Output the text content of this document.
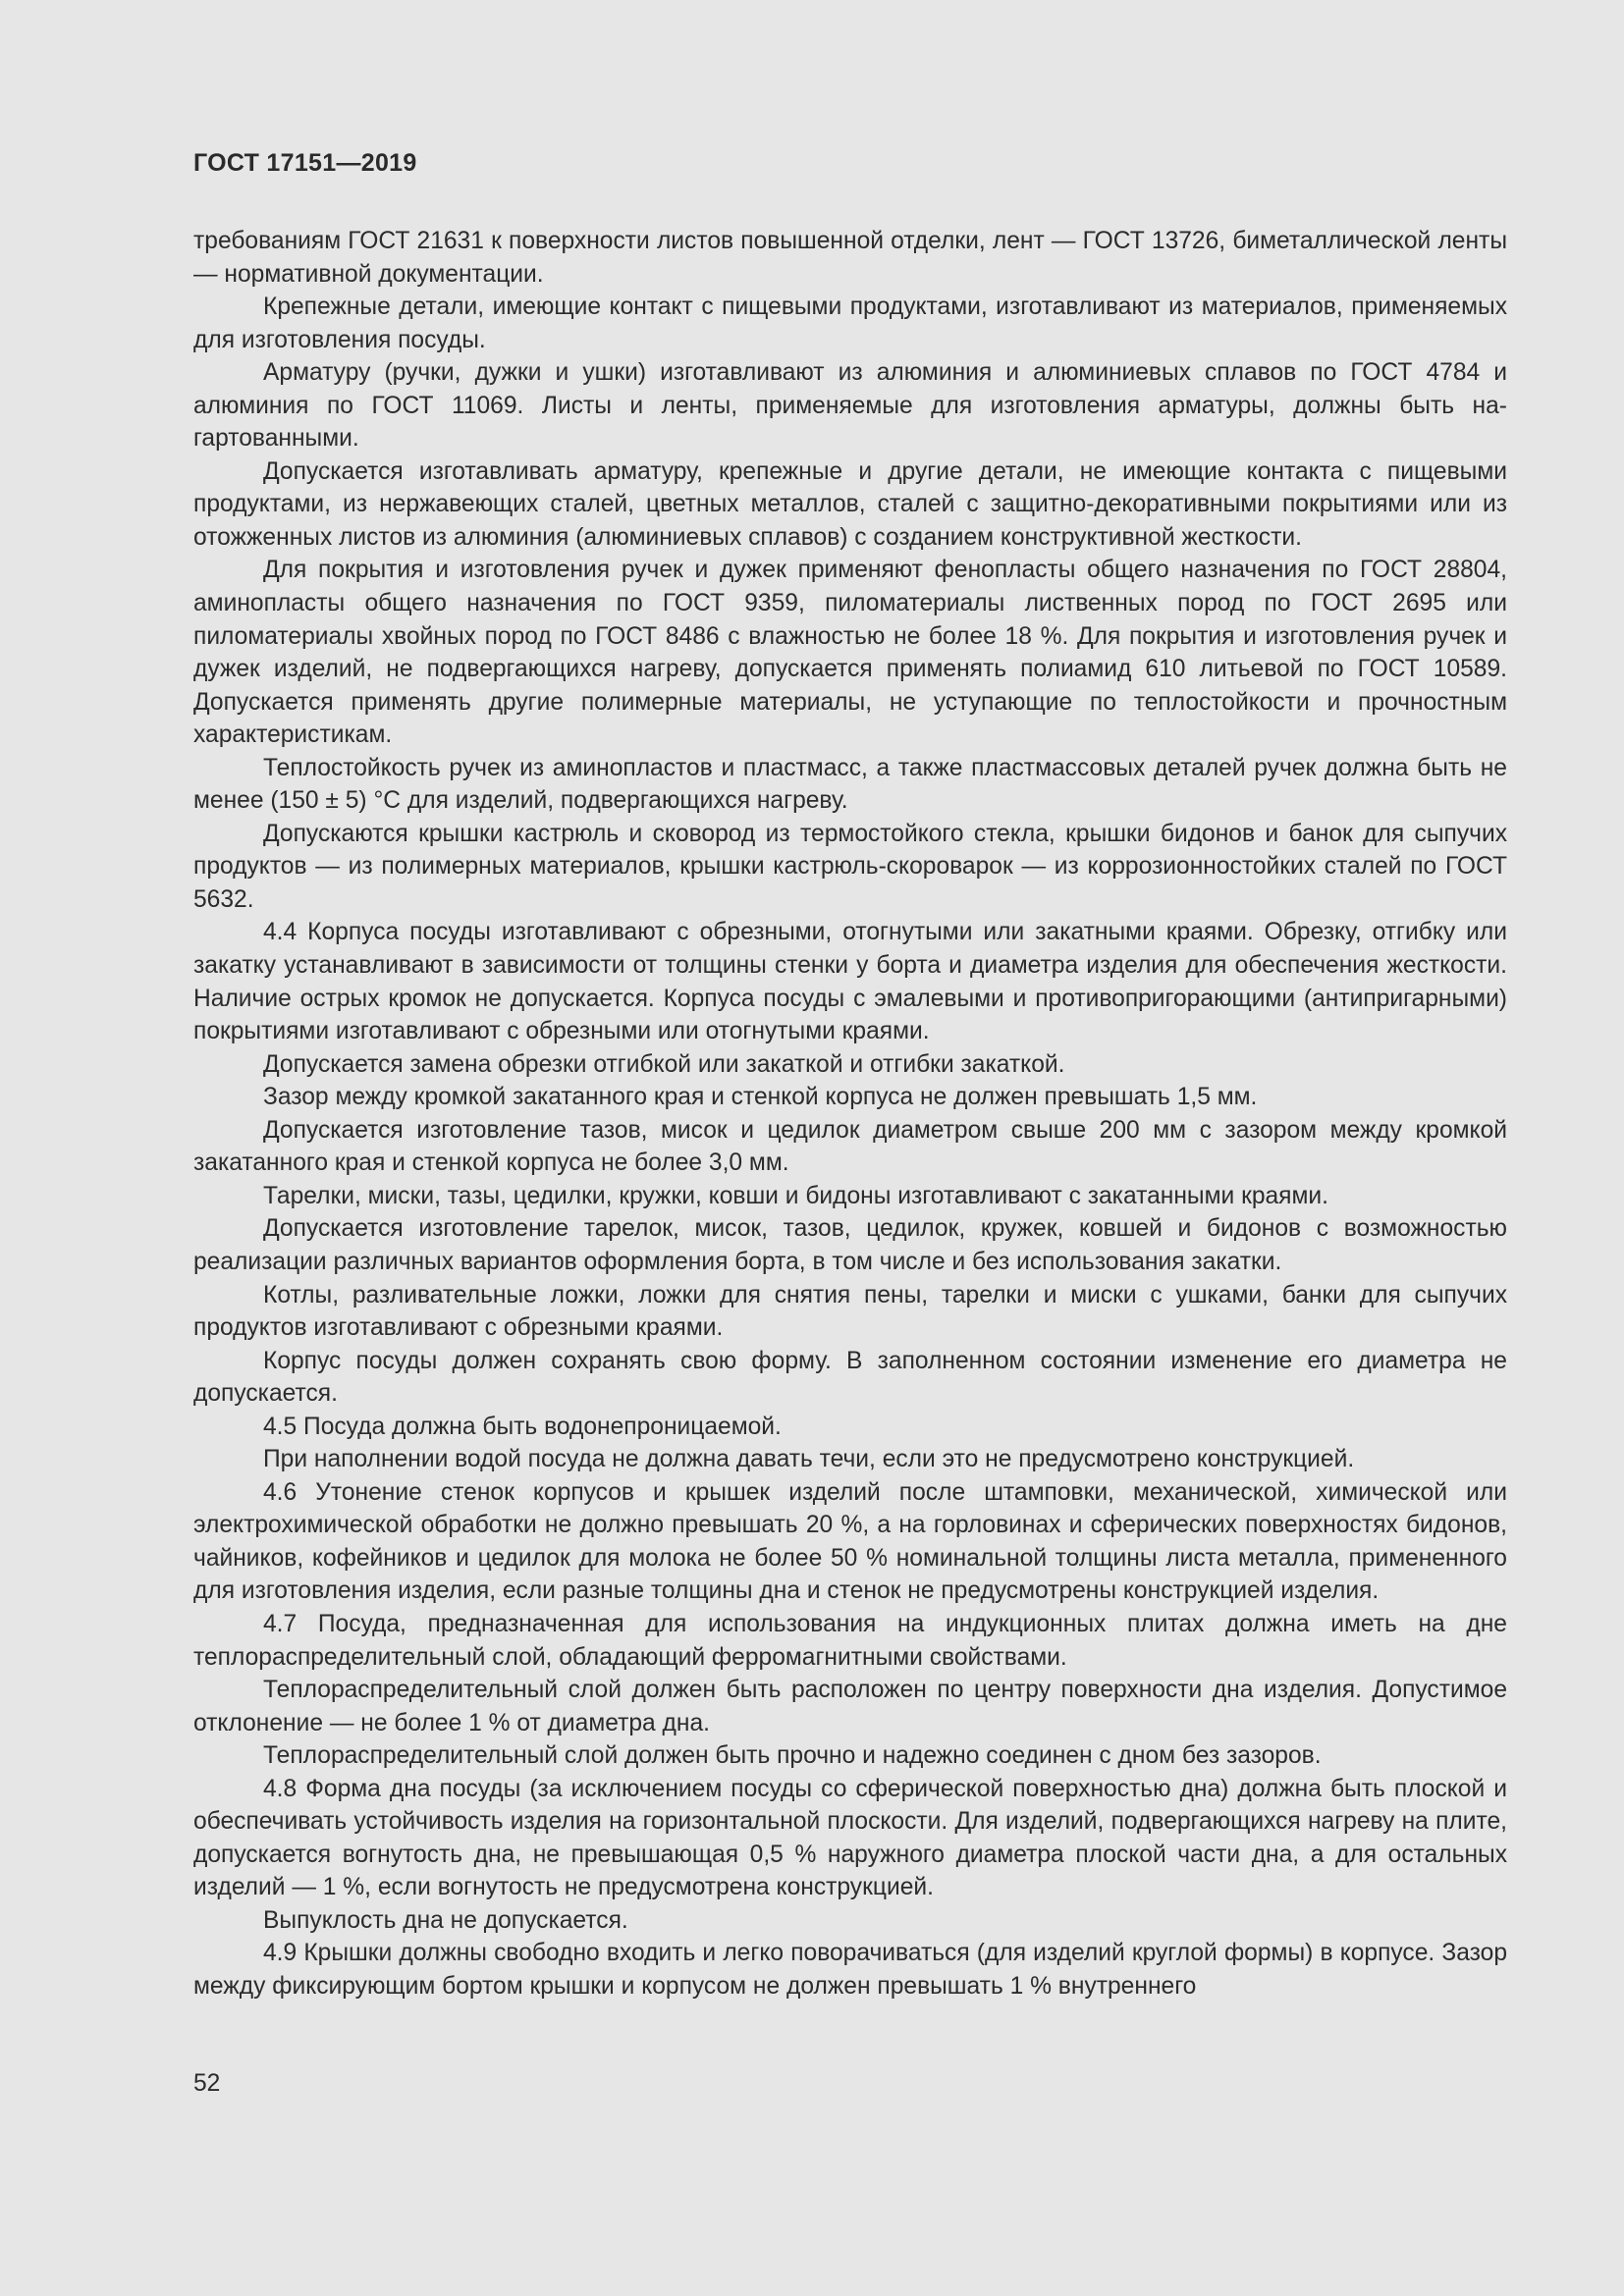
ГОСТ 17151—2019

требованиям ГОСТ 21631 к поверхности листов повышенной отделки, лент — ГОСТ 13726, биметаллической ленты — нормативной документации.

Крепежные детали, имеющие контакт с пищевыми продуктами, изготавливают из материалов, применяемых для изготовления посуды.

Арматуру (ручки, дужки и ушки) изготавливают из алюминия и алюминиевых сплавов по ГОСТ 4784 и алюминия по ГОСТ 11069. Листы и ленты, применяемые для изготовления арматуры, должны быть нагартованными.

Допускается изготавливать арматуру, крепежные и другие детали, не имеющие контакта с пищевыми продуктами, из нержавеющих сталей, цветных металлов, сталей с защитно-декоративными покрытиями или из отожженных листов из алюминия (алюминиевых сплавов) с созданием конструктивной жесткости.

Для покрытия и изготовления ручек и дужек применяют фенопласты общего назначения по ГОСТ 28804, аминопласты общего назначения по ГОСТ 9359, пиломатериалы лиственных пород по ГОСТ 2695 или пиломатериалы хвойных пород по ГОСТ 8486 с влажностью не более 18 %. Для покрытия и изготовления ручек и дужек изделий, не подвергающихся нагреву, допускается применять полиамид 610 литьевой по ГОСТ 10589. Допускается применять другие полимерные материалы, не уступающие по теплостойкости и прочностным характеристикам.

Теплостойкость ручек из аминопластов и пластмасс, а также пластмассовых деталей ручек должна быть не менее (150 ± 5) °С для изделий, подвергающихся нагреву.

Допускаются крышки кастрюль и сковород из термостойкого стекла, крышки бидонов и банок для сыпучих продуктов — из полимерных материалов, крышки кастрюль-скороварок — из коррозионностойких сталей по ГОСТ 5632.

4.4 Корпуса посуды изготавливают с обрезными, отогнутыми или закатными краями. Обрезку, отгибку или закатку устанавливают в зависимости от толщины стенки у борта и диаметра изделия для обеспечения жесткости. Наличие острых кромок не допускается. Корпуса посуды с эмалевыми и противопригорающими (антипригарными) покрытиями изготавливают с обрезными или отогнутыми краями.

Допускается замена обрезки отгибкой или закаткой и отгибки закаткой.

Зазор между кромкой закатанного края и стенкой корпуса не должен превышать 1,5 мм.

Допускается изготовление тазов, мисок и цедилок диаметром свыше 200 мм с зазором между кромкой закатанного края и стенкой корпуса не более 3,0 мм.

Тарелки, миски, тазы, цедилки, кружки, ковши и бидоны изготавливают с закатанными краями.

Допускается изготовление тарелок, мисок, тазов, цедилок, кружек, ковшей и бидонов с возможностью реализации различных вариантов оформления борта, в том числе и без использования закатки.

Котлы, разливательные ложки, ложки для снятия пены, тарелки и миски с ушками, банки для сыпучих продуктов изготавливают с обрезными краями.

Корпус посуды должен сохранять свою форму. В заполненном состоянии изменение его диаметра не допускается.

4.5 Посуда должна быть водонепроницаемой.

При наполнении водой посуда не должна давать течи, если это не предусмотрено конструкцией.

4.6 Утонение стенок корпусов и крышек изделий после штамповки, механической, химической или электрохимической обработки не должно превышать 20 %, а на горловинах и сферических поверхностях бидонов, чайников, кофейников и цедилок для молока не более 50 % номинальной толщины листа металла, примененного для изготовления изделия, если разные толщины дна и стенок не предусмотрены конструкцией изделия.

4.7 Посуда, предназначенная для использования на индукционных плитах должна иметь на дне теплораспределительный слой, обладающий ферромагнитными свойствами.

Теплораспределительный слой должен быть расположен по центру поверхности дна изделия. Допустимое отклонение — не более 1 % от диаметра дна.

Теплораспределительный слой должен быть прочно и надежно соединен с дном без зазоров.

4.8 Форма дна посуды (за исключением посуды со сферической поверхностью дна) должна быть плоской и обеспечивать устойчивость изделия на горизонтальной плоскости. Для изделий, подвергающихся нагреву на плите, допускается вогнутость дна, не превышающая 0,5 % наружного диаметра плоской части дна, а для остальных изделий — 1 %, если вогнутость не предусмотрена конструкцией.

Выпуклость дна не допускается.

4.9 Крышки должны свободно входить и легко поворачиваться (для изделий круглой формы) в корпусе. Зазор между фиксирующим бортом крышки и корпусом не должен превышать 1 % внутреннего

52
